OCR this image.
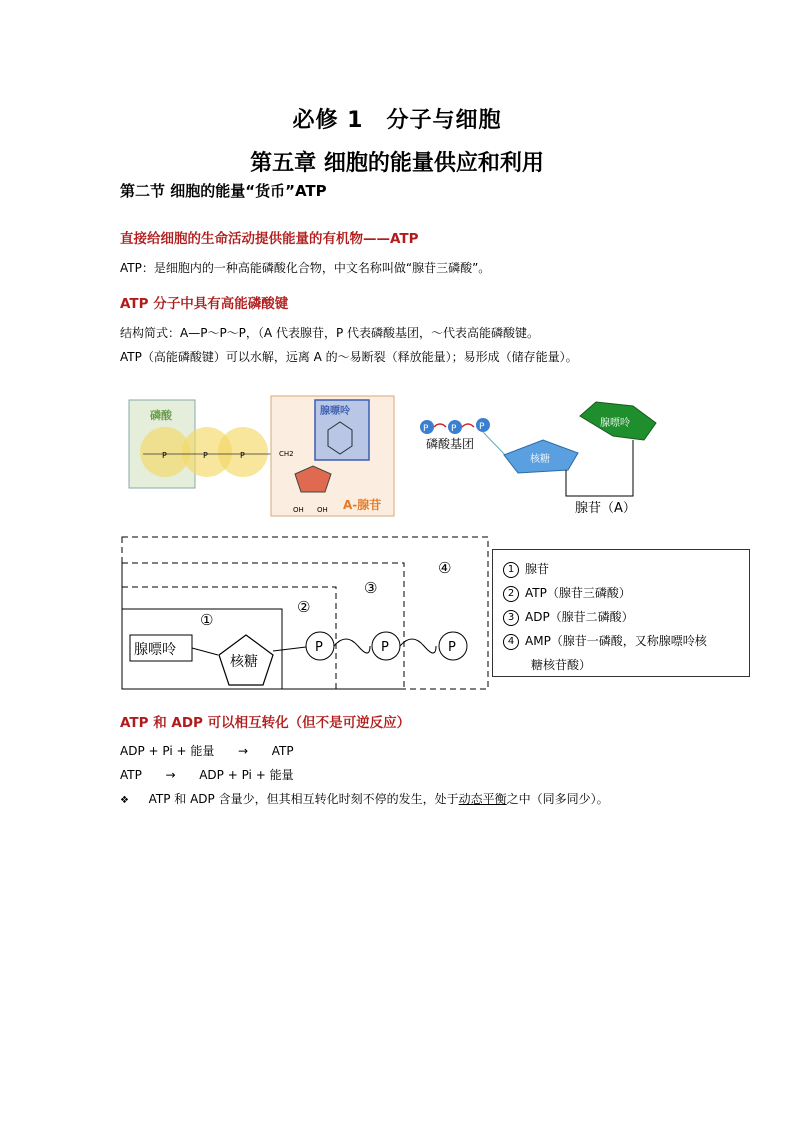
必修 1　分子与细胞
第五章 细胞的能量供应和利用
第二节 细胞的能量“货币”ATP
直接给细胞的生命活动提供能量的有机物——ATP
ATP：是细胞内的一种高能磷酸化合物，中文名称叫做“腺苷三磷酸”。
ATP 分子中具有高能磷酸键
结构简式：A—P～P～P，（A 代表腺苷，P 代表磷酸基团，～代表高能磷酸键。
ATP（高能磷酸键）可以水解，远离 A 的～易断裂（释放能量）；易形成（储存能量）。
磷酸
P	P	P
腺嘌呤
CH2
OH OH A-腺苷
P	P	P
磷酸基团
核糖
腺嘌呤
腺苷（A）
④
③
②
①
腺嘌呤
核糖
P	P	P
1 腺苷
2 ATP（腺苷三磷酸）
3 ADP（腺苷二磷酸）
4 AMP（腺苷一磷酸，又称腺嘌呤核
糖核苷酸）
ATP 和 ADP 可以相互转化（但不是可逆反应）
ADP + Pi + 能量 → ATP
ATP → ADP + Pi + 能量
❖ ATP 和 ADP 含量少，但其相互转化时刻不停的发生，处于动态平衡之中（同多同少）。
